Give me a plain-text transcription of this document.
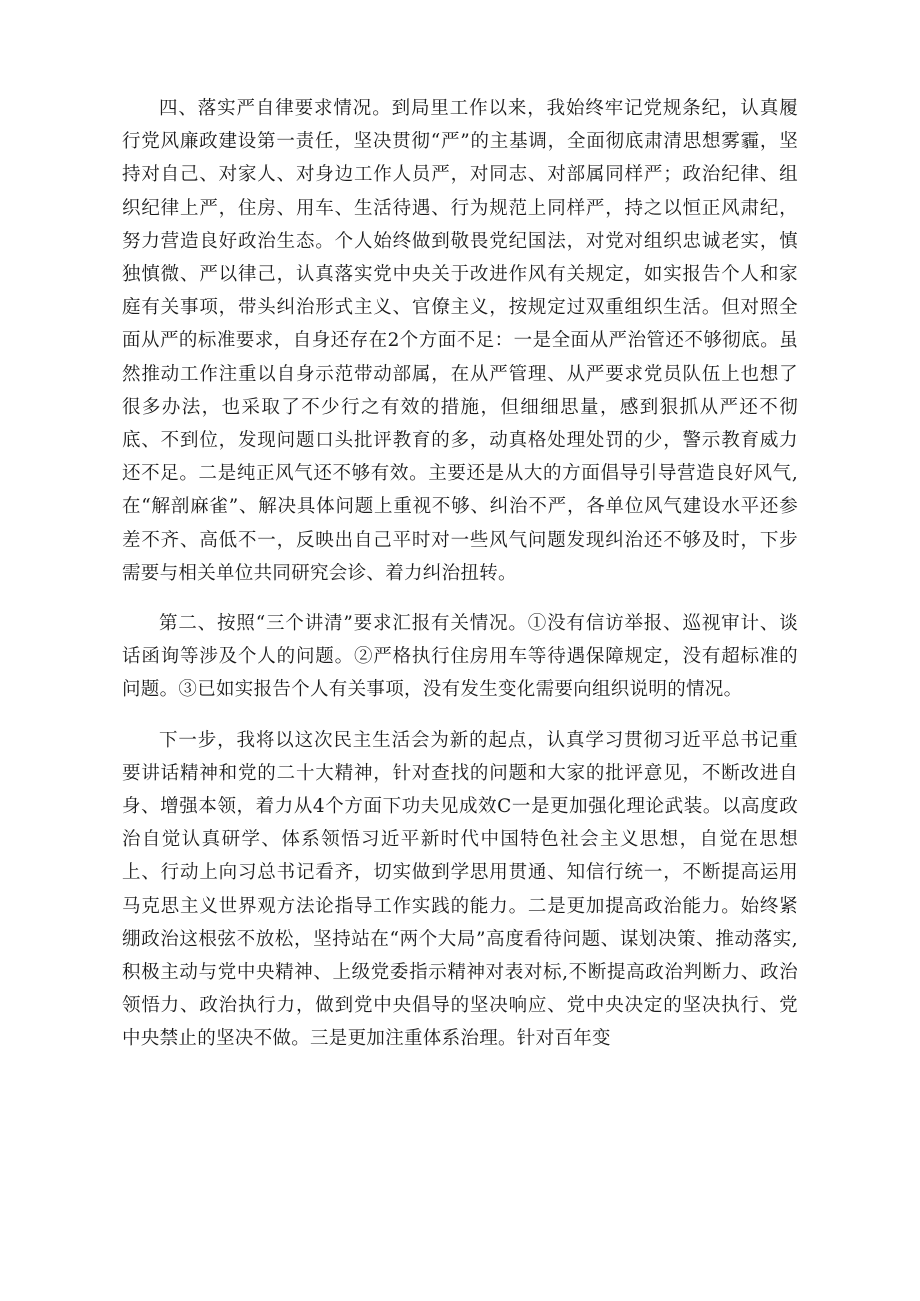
四、落实严自律要求情况。到局里工作以来，我始终牢记党规条纪，认真履行党风廉政建设第一责任，坚决贯彻“严”的主基调，全面彻底肃清思想雾霾，坚持对自己、对家人、对身边工作人员严，对同志、对部属同样严；政治纪律、组织纪律上严，住房、用车、生活待遇、行为规范上同样严，持之以恒正风肃纪，努力营造良好政治生态。个人始终做到敬畏党纪国法，对党对组织忠诚老实，慎独慎微、严以律己，认真落实党中央关于改进作风有关规定，如实报告个人和家庭有关事项，带头纠治形式主义、官僚主义，按规定过双重组织生活。但对照全面从严的标准要求，自身还存在2个方面不足：一是全面从严治管还不够彻底。虽然推动工作注重以自身示范带动部属，在从严管理、从严要求党员队伍上也想了很多办法，也采取了不少行之有效的措施，但细细思量，感到狠抓从严还不彻底、不到位，发现问题口头批评教育的多，动真格处理处罚的少，警示教育威力还不足。二是纯正风气还不够有效。主要还是从大的方面倡导引导营造良好风气,在“解剖麻雀”、解决具体问题上重视不够、纠治不严，各单位风气建设水平还参差不齐、高低不一，反映出自己平时对一些风气问题发现纠治还不够及时，下步需要与相关单位共同研究会诊、着力纠治扭转。

第二、按照“三个讲清”要求汇报有关情况。①没有信访举报、巡视审计、谈话函询等涉及个人的问题。②严格执行住房用车等待遇保障规定，没有超标准的问题。③已如实报告个人有关事项，没有发生变化需要向组织说明的情况。

下一步，我将以这次民主生活会为新的起点，认真学习贯彻习近平总书记重要讲话精神和党的二十大精神，针对查找的问题和大家的批评意见，不断改进自身、增强本领，着力从4个方面下功夫见成效C一是更加强化理论武装。以高度政治自觉认真研学、体系领悟习近平新时代中国特色社会主义思想，自觉在思想上、行动上向习总书记看齐，切实做到学思用贯通、知信行统一，不断提高运用马克思主义世界观方法论指导工作实践的能力。二是更加提高政治能力。始终紧绷政治这根弦不放松，坚持站在“两个大局”高度看待问题、谋划决策、推动落实,积极主动与党中央精神、上级党委指示精神对表对标,不断提高政治判断力、政治领悟力、政治执行力，做到党中央倡导的坚决响应、党中央决定的坚决执行、党中央禁止的坚决不做。三是更加注重体系治理。针对百年变
